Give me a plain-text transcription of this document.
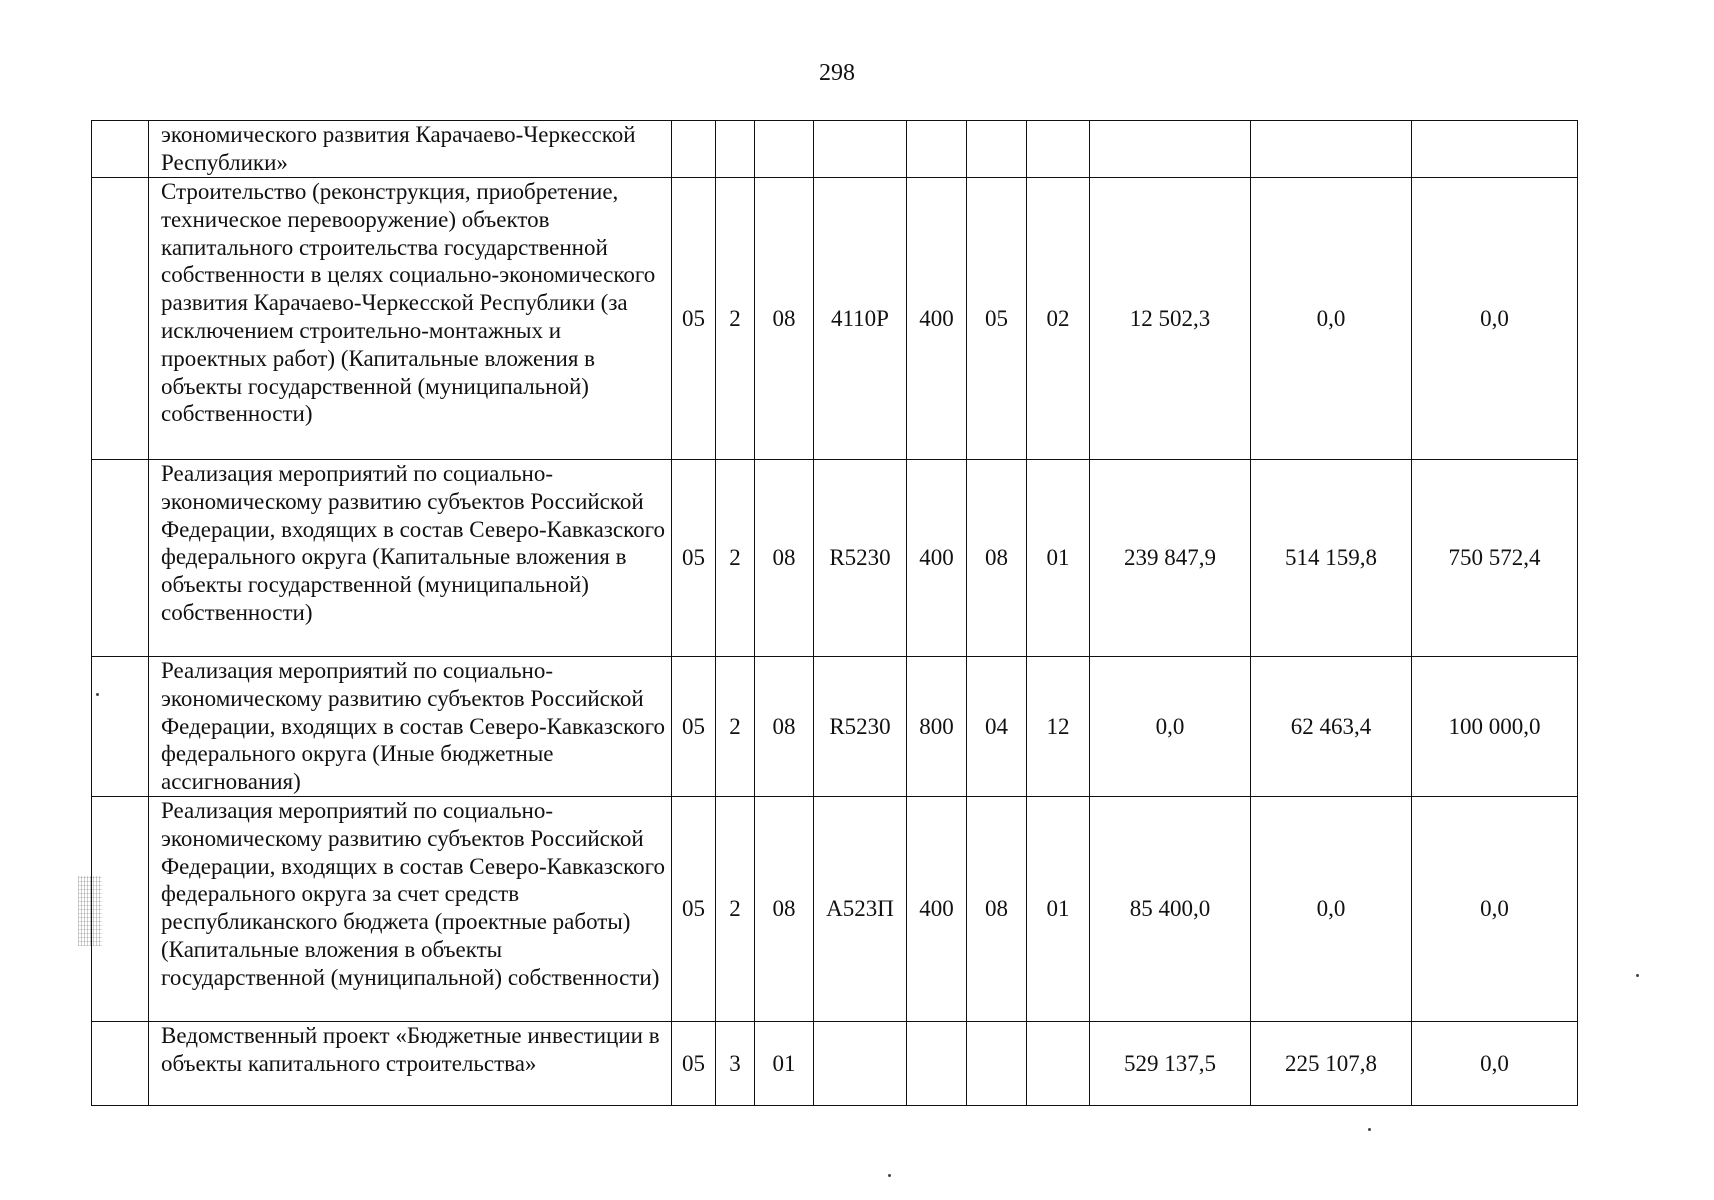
298
	экономического развития Карачаево-Черкесской Республики»										
	Строительство (реконструкция, приобретение, техническое перевооружение) объектов капитального строительства государственной собственности в целях социально-экономического развития Карачаево-Черкесской Республики (за исключением строительно-монтажных и проектных работ) (Капитальные вложения в объекты государственной (муниципальной) собственности)	05	2	08	4110Р	400	05	02	12 502,3	0,0	0,0
	Реализация мероприятий по социально-экономическому развитию субъектов Российской Федерации, входящих в состав Северо-Кавказского федерального округа (Капитальные вложения в объекты государственной (муниципальной) собственности)	05	2	08	R5230	400	08	01	239 847,9	514 159,8	750 572,4
	Реализация мероприятий по социально-экономическому развитию субъектов Российской Федерации, входящих в состав Северо-Кавказского федерального округа (Иные бюджетные ассигнования)	05	2	08	R5230	800	04	12	0,0	62 463,4	100 000,0
	Реализация мероприятий по социально-экономическому развитию субъектов Российской Федерации, входящих в состав Северо-Кавказского федерального округа за счет средств республиканского бюджета (проектные работы) (Капитальные вложения в объекты государственной (муниципальной) собственности)	05	2	08	А523П	400	08	01	85 400,0	0,0	0,0
	Ведомственный проект «Бюджетные инвестиции в объекты капитального строительства»	05	3	01					529 137,5	225 107,8	0,0
